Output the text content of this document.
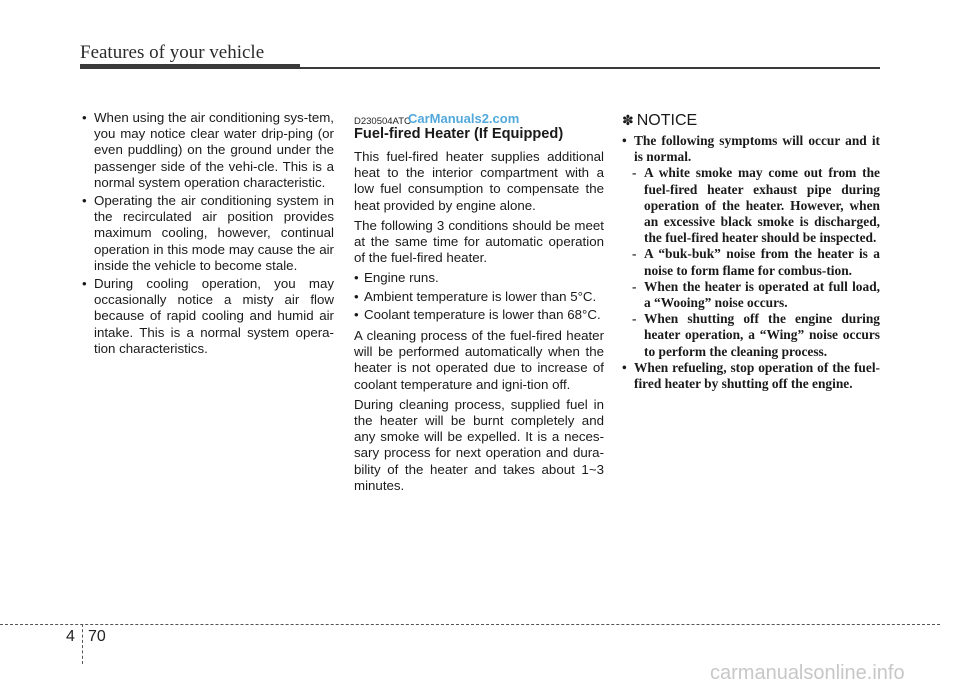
Features of your vehicle
• When using the air conditioning sys-tem, you may notice clear water drip-ping (or even puddling) on the ground under the passenger side of the vehi-cle. This is a normal system operation characteristic.
• Operating the air conditioning system in the recirculated air position provides maximum cooling, however, continual operation in this mode may cause the air inside the vehicle to become stale.
• During cooling operation, you may occasionally notice a misty air flow because of rapid cooling and humid air intake. This is a normal system opera-tion characteristics.
D230504ATC
CarManuals2.com
Fuel-fired Heater (If Equipped)

This fuel-fired heater supplies additional heat to the interior compartment with a low fuel consumption to compensate the heat provided by engine alone.

The following 3 conditions should be meet at the same time for automatic operation of the fuel-fired heater.

• Engine runs.
• Ambient temperature is lower than 5°C.
• Coolant temperature is lower than 68°C.

A cleaning process of the fuel-fired heater will be performed automatically when the heater is not operated due to increase of coolant temperature and igni-tion off.

During cleaning process, supplied fuel in the heater will be burnt completely and any smoke will be expelled. It is a neces-sary process for next operation and dura-bility of the heater and takes about 1~3 minutes.

✽ NOTICE
• The following symptoms will occur and it is normal.
- A white smoke may come out from the fuel-fired heater exhaust pipe during operation of the heater. However, when an excessive black smoke is discharged, the fuel-fired heater should be inspected.
- A “buk-buk” noise from the heater is a noise to form flame for combus-tion.
- When the heater is operated at full load, a “Wooing” noise occurs.
- When shutting off the engine during heater operation, a “Wing” noise occurs to perform the cleaning process.
• When refueling, stop operation of the fuel-fired heater by shutting off the engine.
4 70
carmanualsonline.info
